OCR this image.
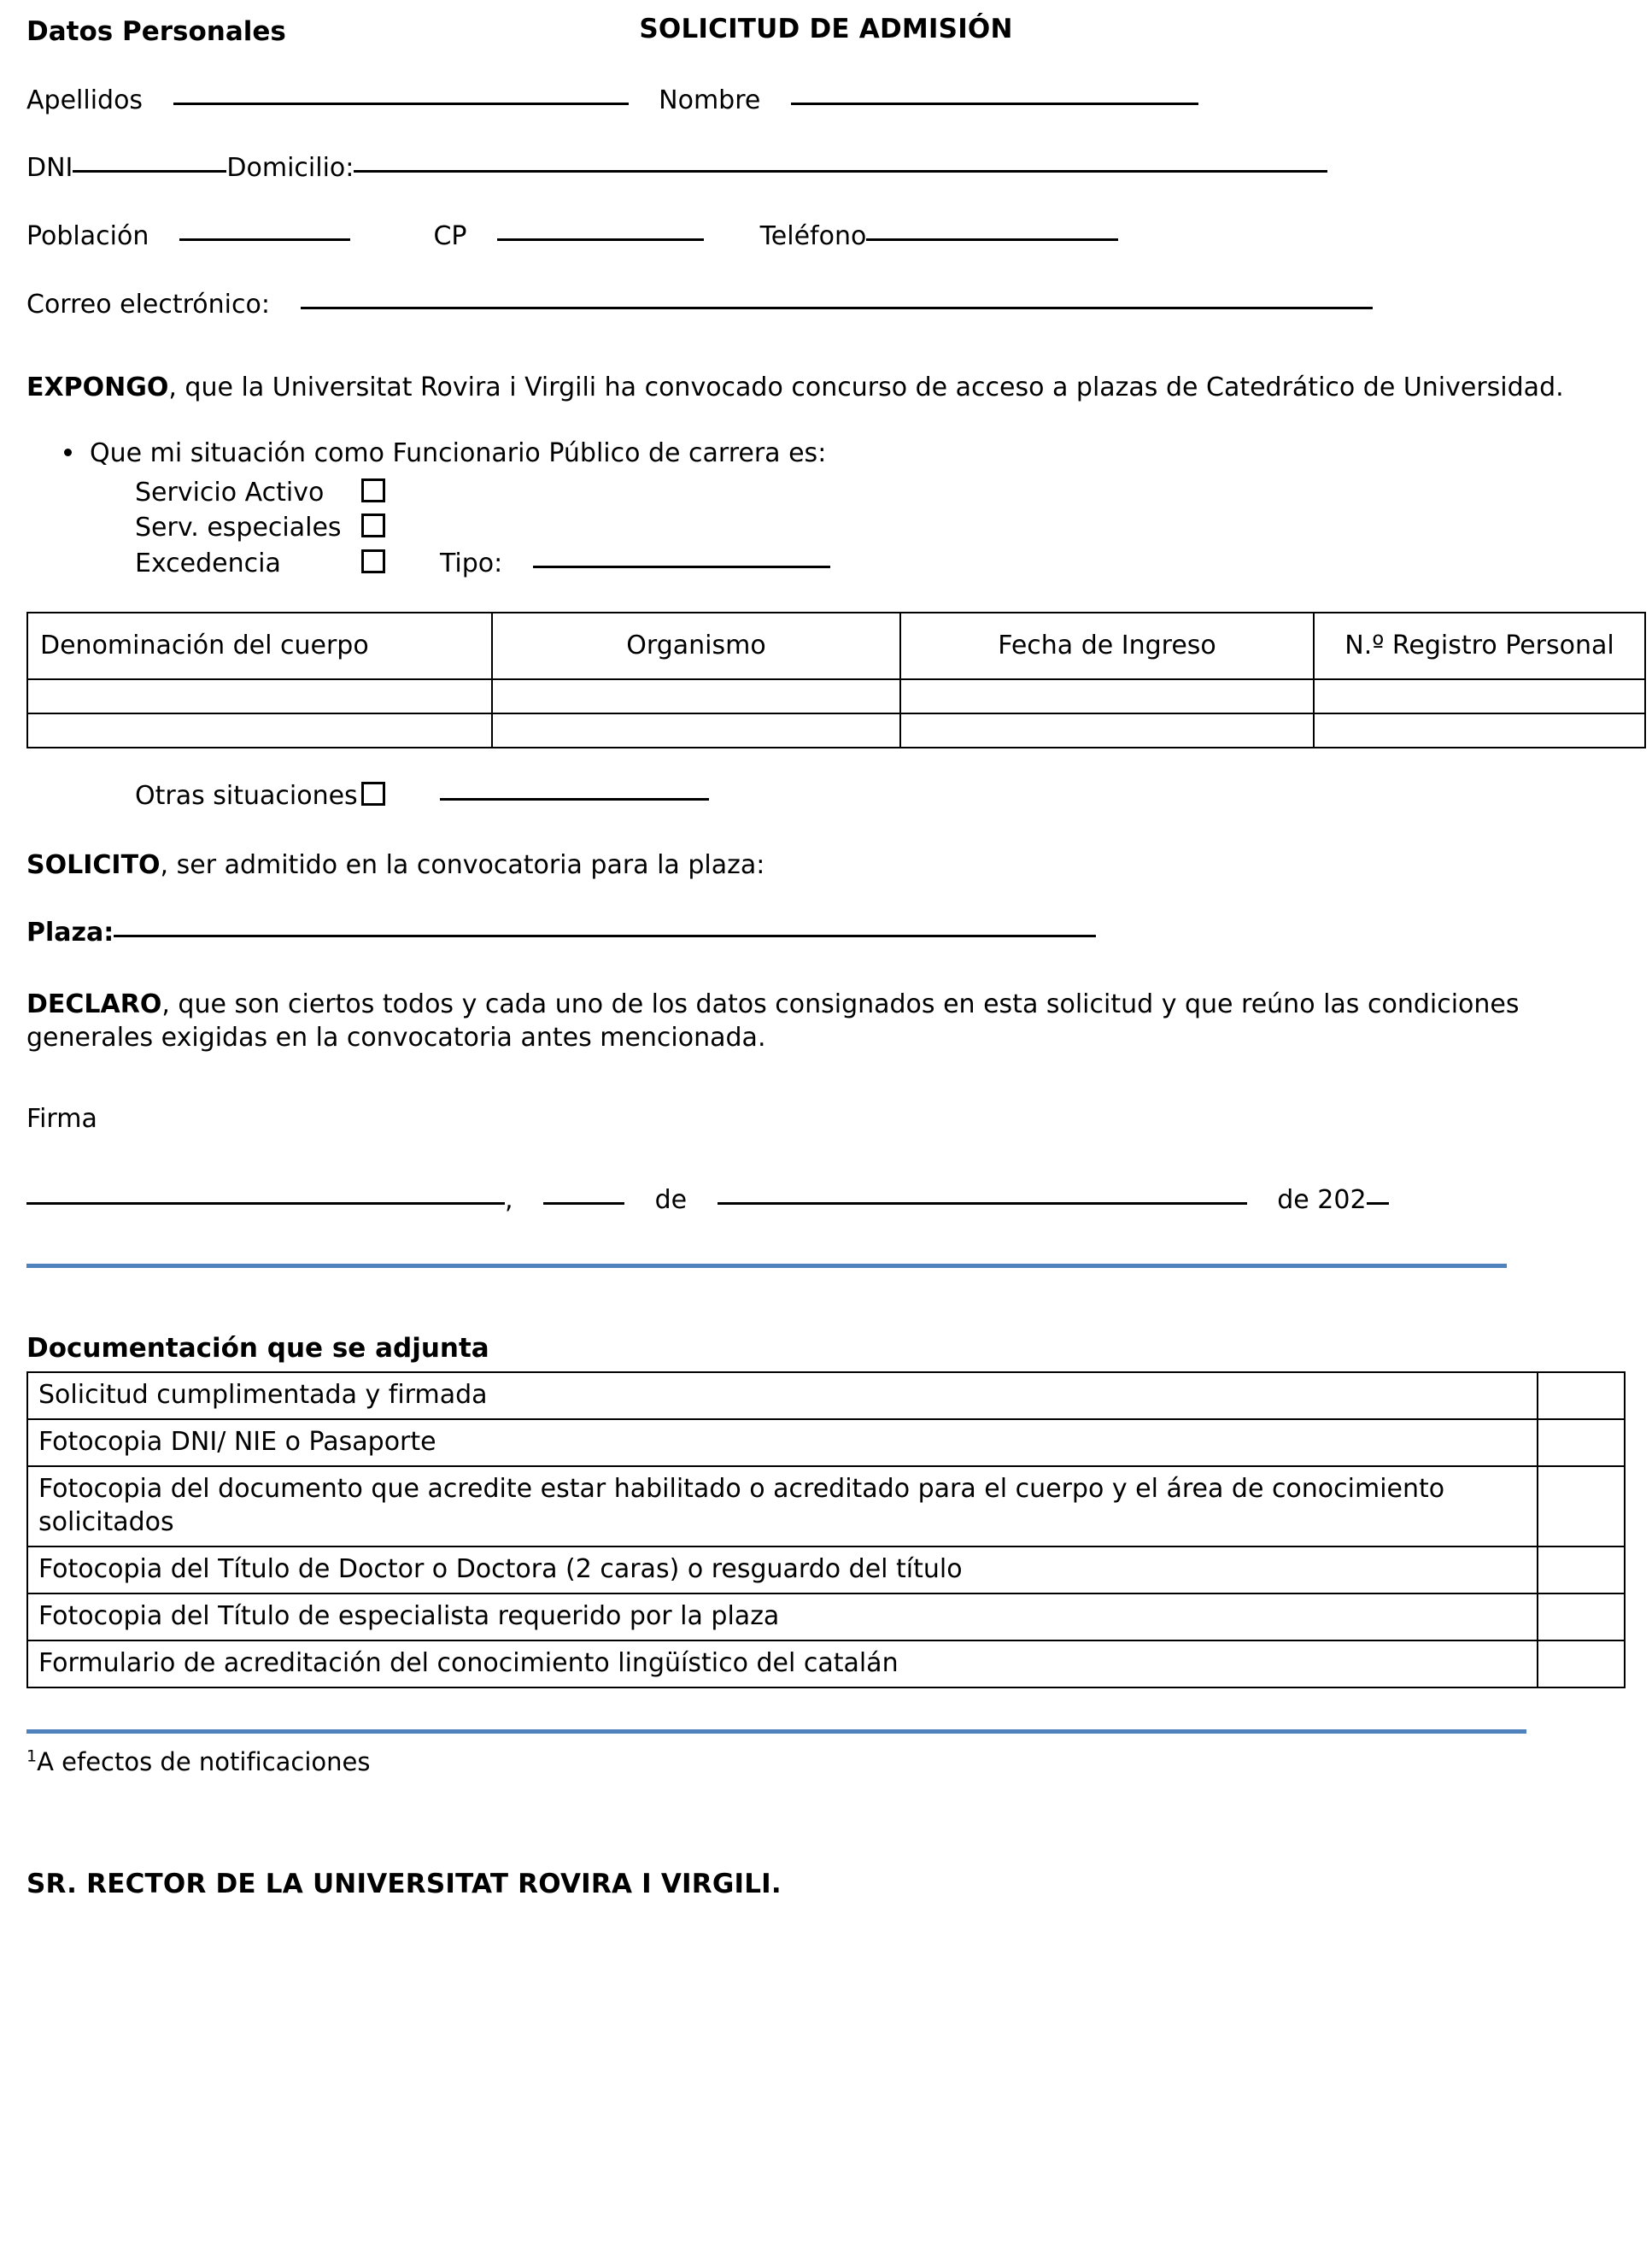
SOLICITUD DE ADMISIÓN
Datos Personales
Apellidos	Nombre
DNI	Domicilio:
Población	CP	Teléfono
Correo electrónico:
EXPONGO, que la Universitat Rovira i Virgili ha convocado concurso de acceso a plazas de Catedrático de Universidad.
Que mi situación como Funcionario Público de carrera es:
Servicio Activo		
Serv. especiales		
Excedencia		Tipo:
Denominación del cuerpo	Organismo	Fecha de Ingreso	N.º Registro Personal

Otras situaciones
SOLICITO, ser admitido en la convocatoria para la plaza:
Plaza:
DECLARO, que son ciertos todos y cada uno de los datos consignados en esta solicitud y que reúno las condiciones generales exigidas en la convocatoria antes mencionada.
Firma
,	de	de 202
Documentación que se adjunta
Solicitud cumplimentada y firmada	
Fotocopia DNI/ NIE o Pasaporte	
Fotocopia del documento que acredite estar habilitado o acreditado para el cuerpo y el área de conocimiento solicitados	
Fotocopia del Título de Doctor o Doctora (2 caras) o resguardo del título	
Fotocopia del Título de especialista requerido por la plaza	
Formulario de acreditación del conocimiento lingüístico del catalán	
$^1$A efectos de notificaciones
SR. RECTOR DE LA UNIVERSITAT ROVIRA I VIRGILI.
